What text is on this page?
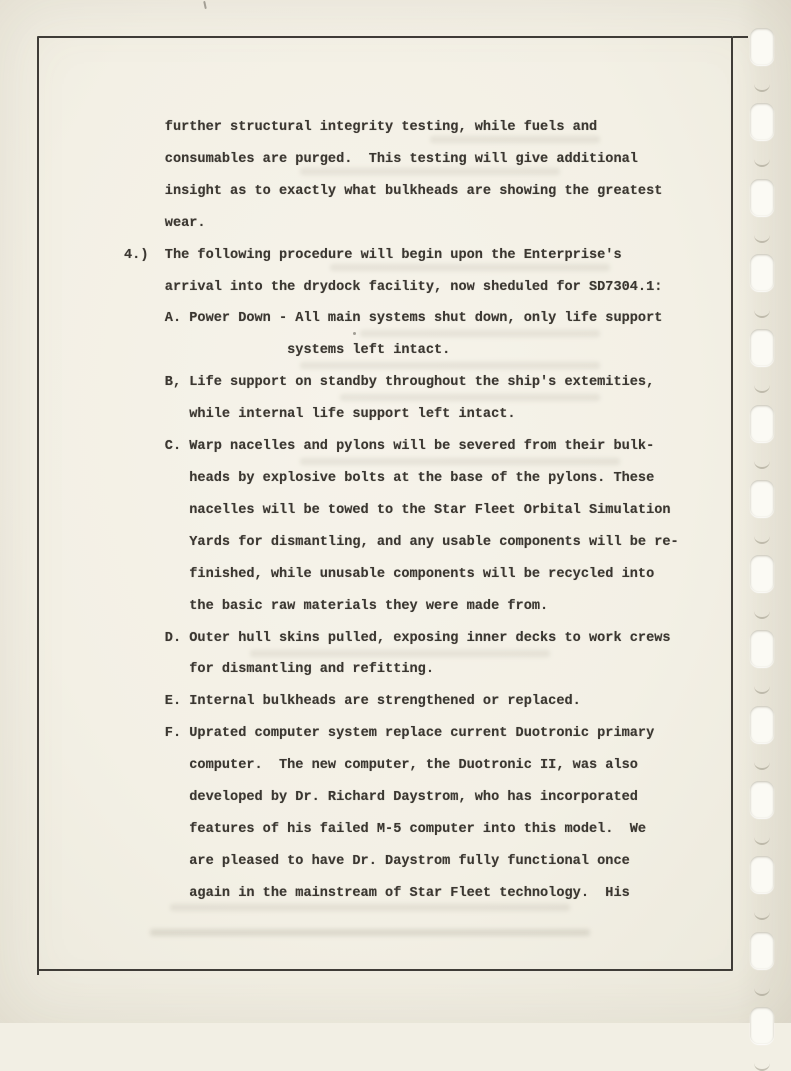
further structural integrity testing, while fuels and
consumables are purged.  This testing will give additional
insight as to exactly what bulkheads are showing the greatest
wear.
4.)  The following procedure will begin upon the Enterprise's
arrival into the drydock facility, now sheduled for SD7304.1:
A. Power Down - All main systems shut down, only life support
systems left intact.
B, Life support on standby throughout the ship's extemities,
while internal life support left intact.
C. Warp nacelles and pylons will be severed from their bulk-
heads by explosive bolts at the base of the pylons. These
nacelles will be towed to the Star Fleet Orbital Simulation
Yards for dismantling, and any usable components will be re-
finished, while unusable components will be recycled into
the basic raw materials they were made from.
D. Outer hull skins pulled, exposing inner decks to work crews
for dismantling and refitting.
E. Internal bulkheads are strengthened or replaced.
F. Uprated computer system replace current Duotronic primary
computer.  The new computer, the Duotronic II, was also
developed by Dr. Richard Daystrom, who has incorporated
features of his failed M-5 computer into this model.  We
are pleased to have Dr. Daystrom fully functional once
again in the mainstream of Star Fleet technology.  His
